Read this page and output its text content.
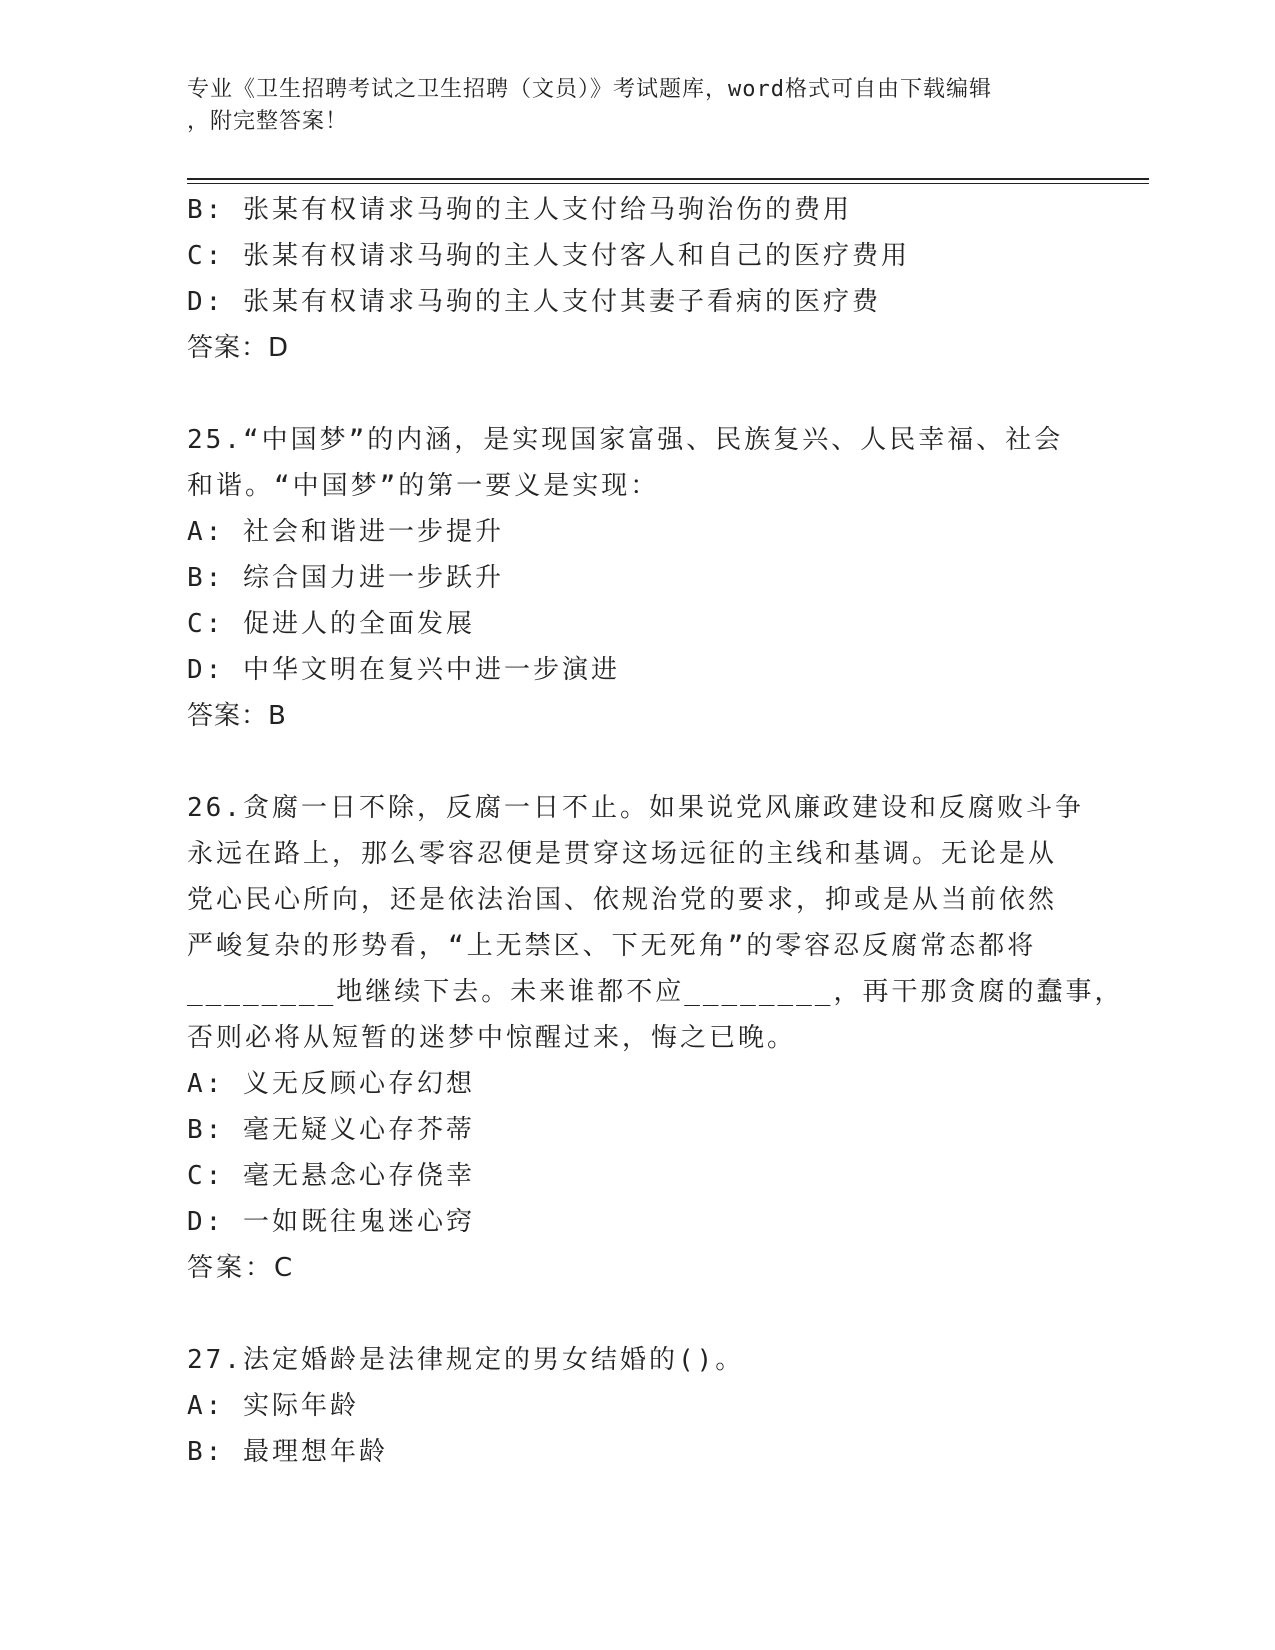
专业《卫生招聘考试之卫生招聘（文员）》考试题库，word格式可自由下载编辑
，附完整答案！
B: 张某有权请求马驹的主人支付给马驹治伤的费用
C: 张某有权请求马驹的主人支付客人和自己的医疗费用
D: 张某有权请求马驹的主人支付其妻子看病的医疗费
答案：D
25.“中国梦”的内涵，是实现国家富强、民族复兴、人民幸福、社会
和谐。“中国梦”的第一要义是实现：
A: 社会和谐进一步提升
B: 综合国力进一步跃升
C: 促进人的全面发展
D: 中华文明在复兴中进一步演进
答案：B
26.贪腐一日不除，反腐一日不止。如果说党风廉政建设和反腐败斗争
永远在路上，那么零容忍便是贯穿这场远征的主线和基调。无论是从
党心民心所向，还是依法治国、依规治党的要求，抑或是从当前依然
严峻复杂的形势看，“上无禁区、下无死角”的零容忍反腐常态都将
________地继续下去。未来谁都不应________，再干那贪腐的蠢事，
否则必将从短暂的迷梦中惊醒过来，悔之已晚。
A: 义无反顾心存幻想
B: 毫无疑义心存芥蒂
C: 毫无悬念心存侥幸
D: 一如既往鬼迷心窍
答案：C
27.法定婚龄是法律规定的男女结婚的()。
A: 实际年龄
B: 最理想年龄
